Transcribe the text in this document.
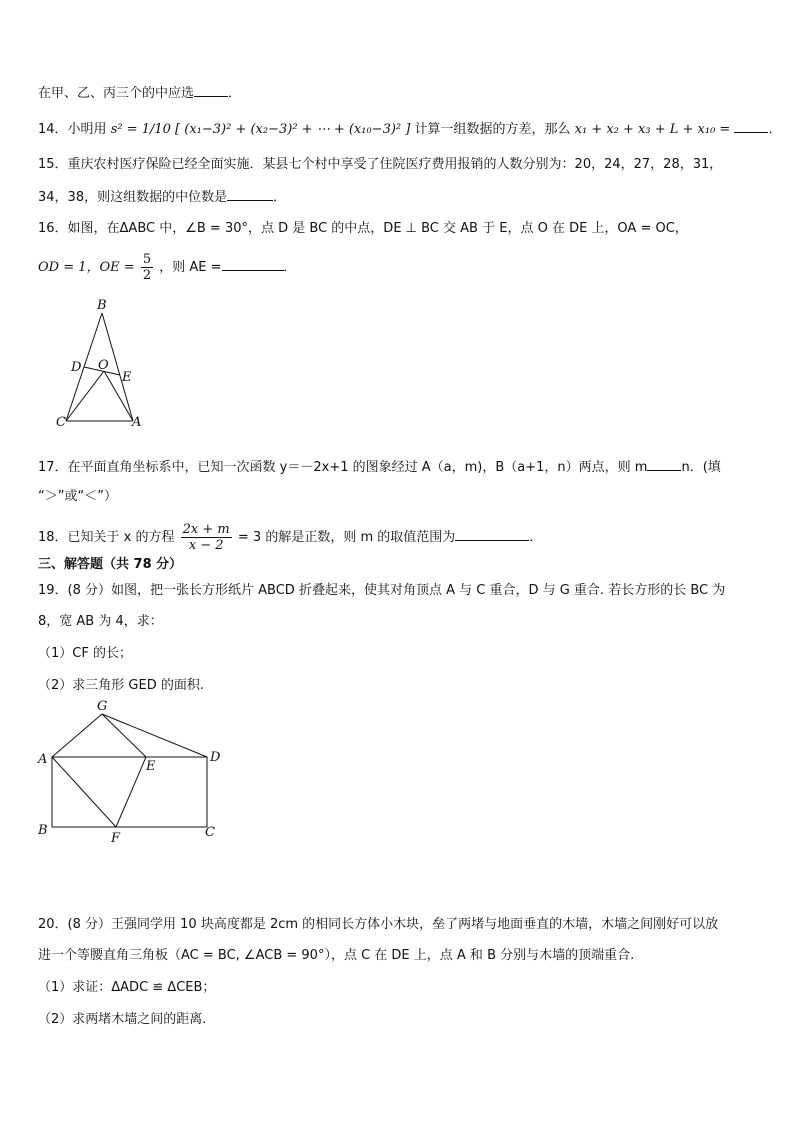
在甲、乙、丙三个的中应选	．
14．小明用 s² = 1/10 [ (x₁−3)² + (x₂−3)² + ⋯ + (x₁₀−3)² ] 计算一组数据的方差，那么 x₁ + x₂ + x₃ + L + x₁₀ =	．
15．重庆农村医疗保险已经全面实施．某县七个村中享受了住院医疗费用报销的人数分别为：20，24，27，28，31，
34，38，则这组数据的中位数是	．
16．如图，在ΔABC 中，∠B = 30°，点 D 是 BC 的中点，DE ⊥ BC 交 AB 于 E，点 O 在 DE 上，OA = OC，
OD = 1，OE = $\frac{5}{2}$ ，则 AE =	．
B
D O
E
C	A
17．在平面直角坐标系中，已知一次函数 y＝－2x+1 的图象经过 A（a，m)，B（a+1，n）两点，则 m	n．(填
“＞”或“＜”）
18．已知关于 x 的方程 $\frac{2x + m}{x - 2} = 3$ 的解是正数，则 m 的取值范围为	．
三、解答题（共 78 分）
19．(8 分）如图，把一张长方形纸片 ABCD 折叠起来，使其对角顶点 A 与 C 重合，D 与 G 重合. 若长方形的长 BC 为
8，宽 AB 为 4，求：
（1）CF 的长；
（2）求三角形 GED 的面积.
G
A	E
D
B
F	C
20．(8 分）王强同学用 10 块高度都是 2cm 的相同长方体小木块，垒了两堵与地面垂直的木墙，木墙之间刚好可以放
进一个等腰直角三角板（AC = BC, ∠ACB = 90°），点 C 在 DE 上，点 A 和 B 分别与木墙的顶端重合.
（1）求证：ΔADC ≌ ΔCEB；
（2）求两堵木墙之间的距离.
